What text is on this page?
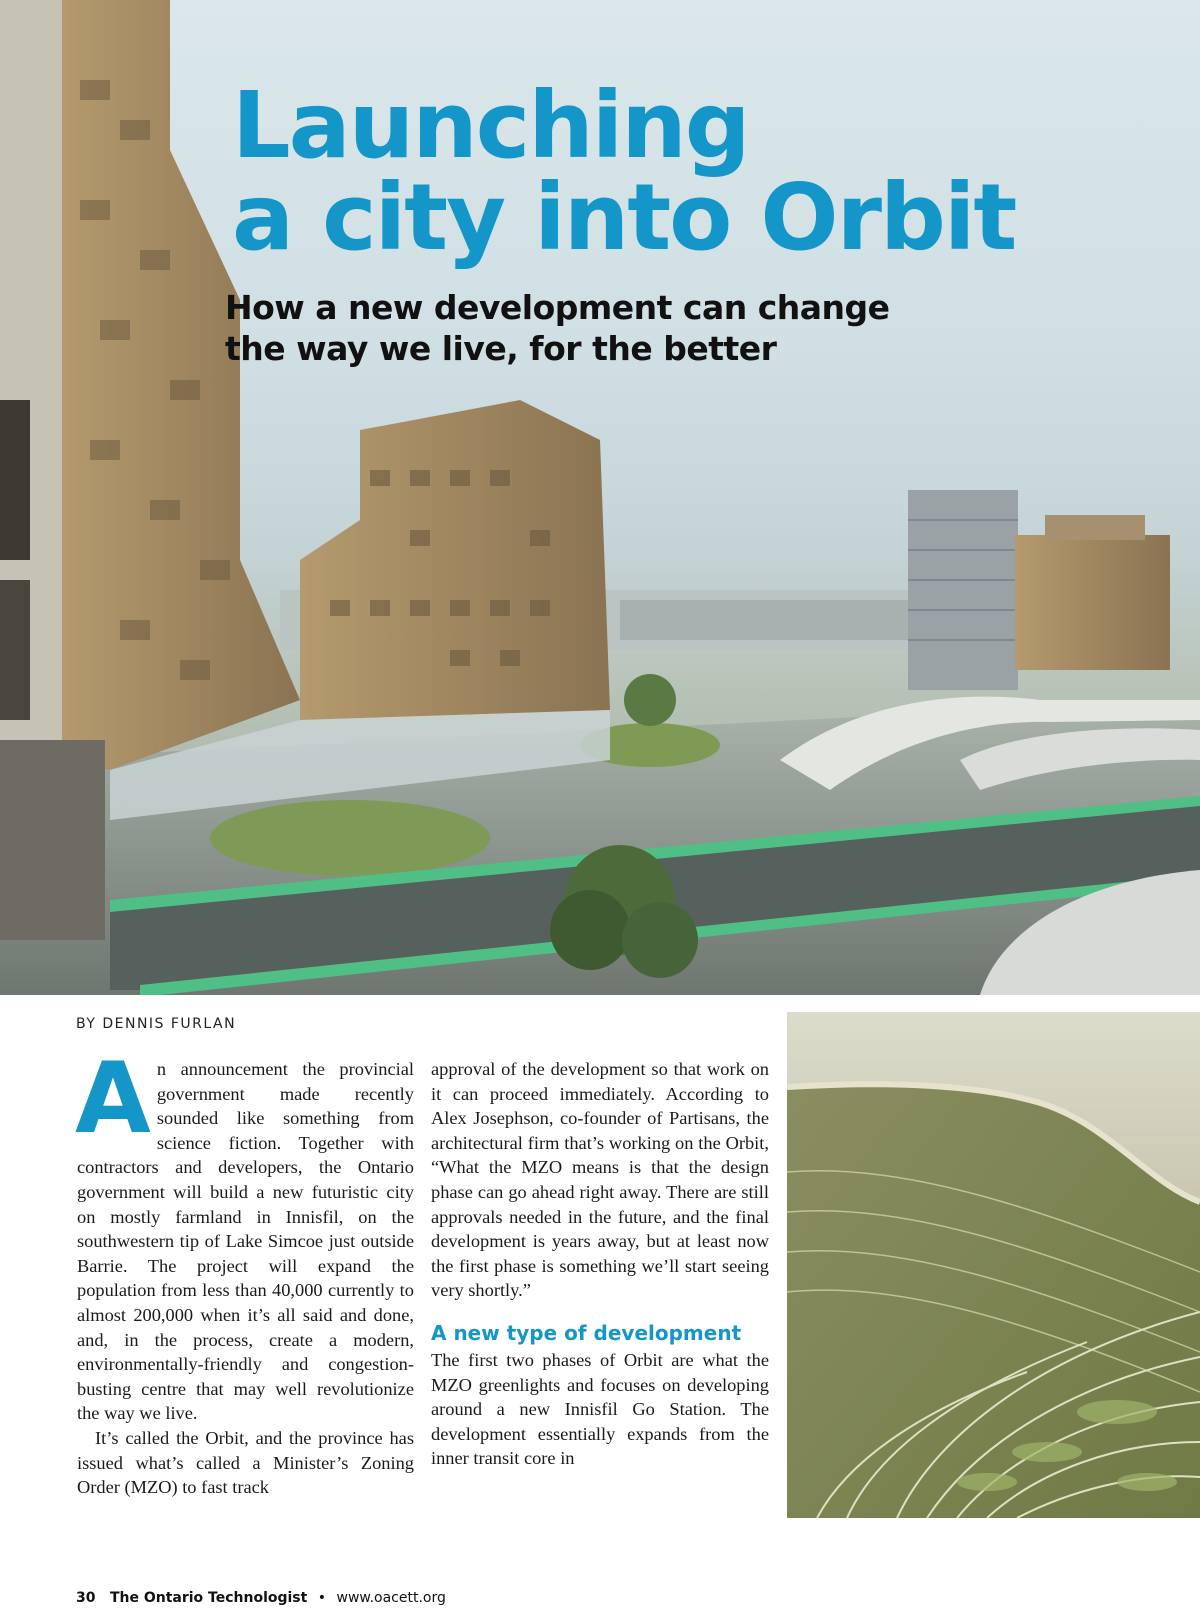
Launching
a city into Orbit
How a new development can change
the way we live, for the better
BY DENNIS FURLAN

A n announcement the provincial government made recently sounded like something from science fiction. Together with contractors and developers, the Ontario government will build a new futuristic city on mostly farmland in Innisfil, on the southwestern tip of Lake Simcoe just outside Barrie. The project will expand the population from less than 40,000 currently to almost 200,000 when it’s all said and done, and, in the process, create a modern, environmentally-friendly and congestion-busting centre that may well revolutionize the way we live.

It’s called the Orbit, and the province has issued what’s called a Minister’s Zoning Order (MZO) to fast track

approval of the development so that work on it can proceed immediately. According to Alex Josephson, co-founder of Partisans, the architectural firm that’s working on the Orbit, “What the MZO means is that the design phase can go ahead right away. There are still approvals needed in the future, and the final development is years away, but at least now the first phase is something we’ll start seeing very shortly.”

A new type of development

The first two phases of Orbit are what the MZO greenlights and focuses on developing around a new Innisfil Go Station. The development essentially expands from the inner transit core in

30 The Ontario Technologist • www.oacett.org
